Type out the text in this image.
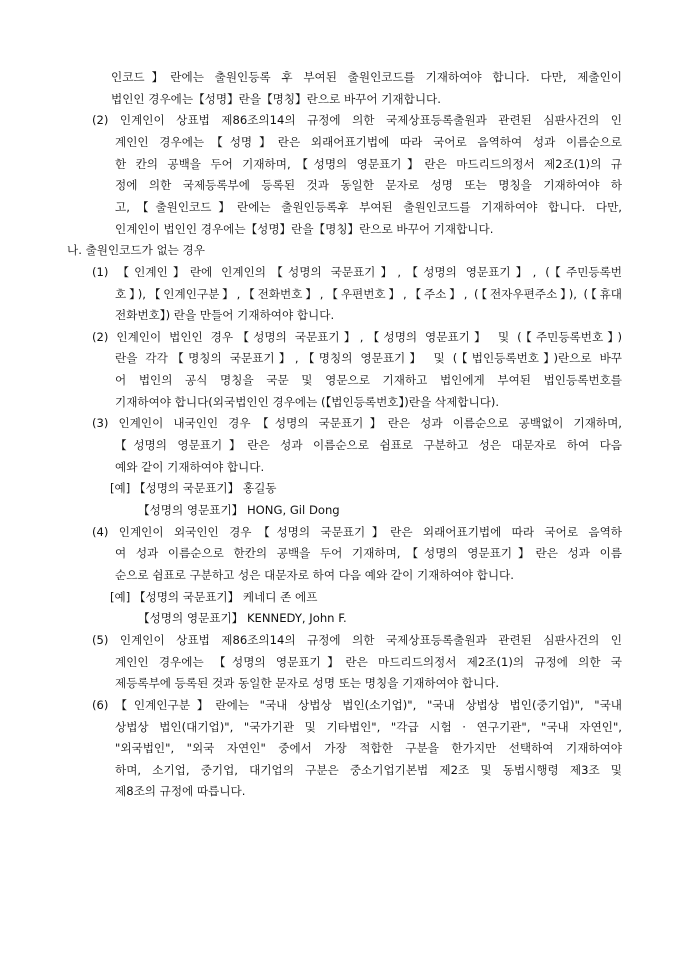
인코드】란에는 출원인등록 후 부여된 출원인코드를 기재하여야 합니다. 다만, 제출인이
법인인 경우에는【성명】란을【명칭】란으로 바꾸어 기재합니다.
(2) 인계인이 상표법 제86조의14의 규정에 의한 국제상표등록출원과 관련된 심판사건의 인
계인인 경우에는【성명】란은 외래어표기법에 따라 국어로 음역하여 성과 이름순으로
한 칸의 공백을 두어 기재하며,【성명의 영문표기】란은 마드리드의정서 제2조(1)의 규
정에 의한 국제등록부에 등록된 것과 동일한 문자로 성명 또는 명칭을 기재하여야 하
고,【출원인코드】란에는 출원인등록후 부여된 출원인코드를 기재하여야 합니다. 다만,
인계인이 법인인 경우에는【성명】란을【명칭】란으로 바꾸어 기재합니다.
나. 출원인코드가 없는 경우
(1) 【인계인】란에 인계인의【성명의 국문표기】,【성명의 영문표기】, (【주민등록번
호】),【인계인구분】,【전화번호】,【우편번호】,【주소】, (【전자우편주소】), (【휴대
전화번호】) 란을 만들어 기재하여야 합니다.
(2) 인계인이 법인인 경우【성명의 국문표기】,【성명의 영문표기】 및 (【주민등록번호】)
란을 각각【명칭의 국문표기】,【명칭의 영문표기】 및 (【법인등록번호】)란으로 바꾸
어 법인의 공식 명칭을 국문 및 영문으로 기재하고 법인에게 부여된 법인등록번호를
기재하여야 합니다(외국법인인 경우에는 (【법인등록번호】)란을 삭제합니다).
(3) 인계인이 내국인인 경우【성명의 국문표기】란은 성과 이름순으로 공백없이 기재하며,
【성명의 영문표기】란은 성과 이름순으로 쉼표로 구분하고 성은 대문자로 하여 다음
예와 같이 기재하여야 합니다.
[예] 【성명의 국문표기】 홍길동
【성명의 영문표기】 HONG, Gil Dong
(4) 인계인이 외국인인 경우【성명의 국문표기】란은 외래어표기법에 따라 국어로 음역하
여 성과 이름순으로 한칸의 공백을 두어 기재하며,【성명의 영문표기】란은 성과 이름
순으로 쉼표로 구분하고 성은 대문자로 하여 다음 예와 같이 기재하여야 합니다.
[예] 【성명의 국문표기】 케네디 존 에프
【성명의 영문표기】 KENNEDY, John F.
(5) 인계인이 상표법 제86조의14의 규정에 의한 국제상표등록출원과 관련된 심판사건의 인
계인인 경우에는 【성명의 영문표기】란은 마드리드의정서 제2조(1)의 규정에 의한 국
제등록부에 등록된 것과 동일한 문자로 성명 또는 명칭을 기재하여야 합니다.
(6)【인계인구분】란에는 "국내 상법상 법인(소기업)", "국내 상법상 법인(중기업)", "국내
상법상 법인(대기업)", "국가기관 및 기타법인", "각급 시험 · 연구기관", "국내 자연인",
"외국법인", "외국 자연인" 중에서 가장 적합한 구분을 한가지만 선택하여 기재하여야
하며, 소기업, 중기업, 대기업의 구분은 중소기업기본법 제2조 및 동법시행령 제3조 및
제8조의 규정에 따릅니다.
